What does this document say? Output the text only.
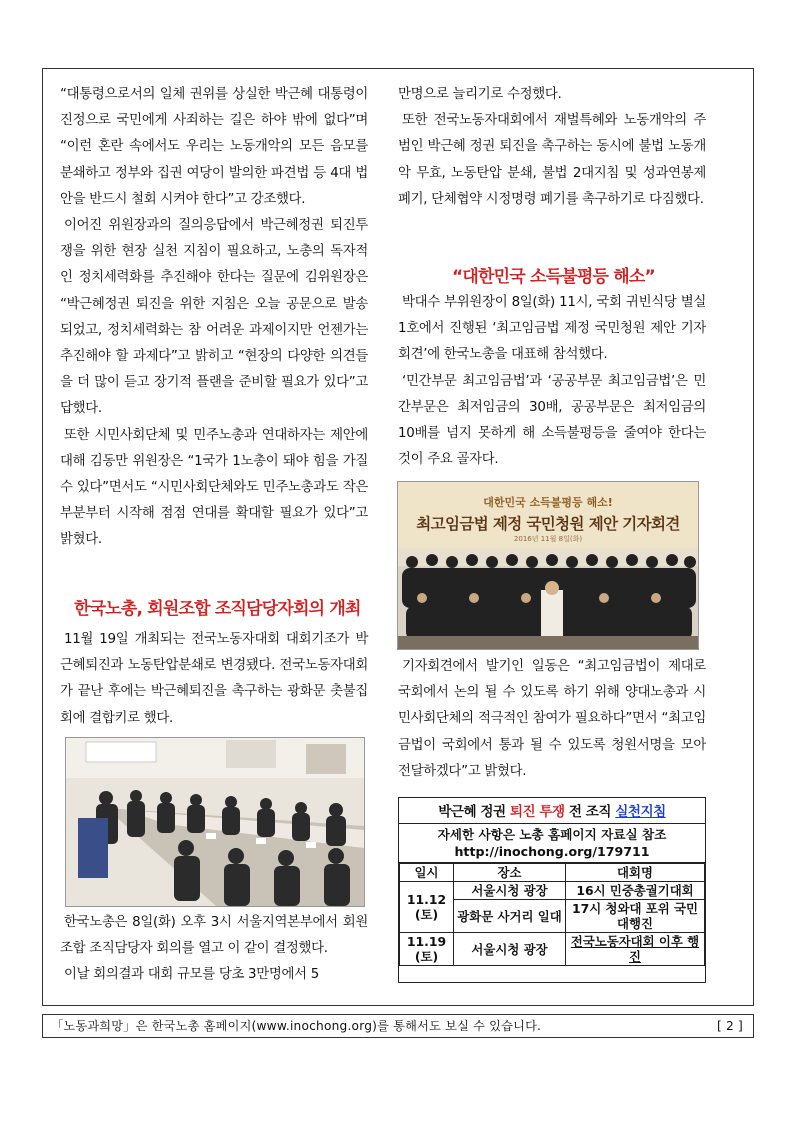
“대통령으로서의 일체 권위를 상실한 박근혜 대통령이 진정으로 국민에게 사죄하는 길은 하야 밖에 없다”며 “이런 혼란 속에서도 우리는 노동개악의 모든 음모를 분쇄하고 정부와 집권 여당이 발의한 파견법 등 4대 법안을 반드시 철회 시켜야 한다”고 강조했다.

이어진 위원장과의 질의응답에서 박근혜정권 퇴진투쟁을 위한 현장 실천 지침이 필요하고, 노총의 독자적인 정치세력화를 추진해야 한다는 질문에 김위원장은 “박근혜정권 퇴진을 위한 지침은 오늘 공문으로 발송되었고, 정치세력화는 참 어려운 과제이지만 언젠가는 추진해야 할 과제다”고 밝히고 “현장의 다양한 의견들을 더 많이 듣고 장기적 플랜을 준비할 필요가 있다”고 답했다.

또한 시민사회단체 및 민주노총과 연대하자는 제안에 대해 김동만 위원장은 “1국가 1노총이 돼야 힘을 가질수 있다”면서도 “시민사회단체와도 민주노총과도 작은 부분부터 시작해 점점 연대를 확대할 필요가 있다”고 밝혔다.

한국노총, 회원조합 조직담당자회의 개최

11월 19일 개최되는 전국노동자대회 대회기조가 박근혜퇴진과 노동탄압분쇄로 변경됐다. 전국노동자대회가 끝난 후에는 박근혜퇴진을 촉구하는 광화문 촛불집회에 결합키로 했다.

한국노총은 8일(화) 오후 3시 서울지역본부에서 회원조합 조직담당자 회의를 열고 이 같이 결정했다.

이날 회의결과 대회 규모를 당초 3만명에서 5

만명으로 늘리기로 수정했다.

또한 전국노동자대회에서 재벌특혜와 노동개악의 주범인 박근혜 정권 퇴진을 촉구하는 동시에 불법 노동개악 무효, 노동탄압 분쇄, 불법 2대지침 및 성과연봉제 폐기, 단체협약 시정명령 폐기를 촉구하기로 다짐했다.

“대한민국 소득불평등 해소”

박대수 부위원장이 8일(화) 11시, 국회 귀빈식당 별실 1호에서 진행된 ‘최고임금법 제정 국민청원 제안 기자회견’에 한국노총을 대표해 참석했다.

‘민간부문 최고임금법’과 ‘공공부문 최고임금법’은 민간부문은 최저임금의 30배, 공공부문은 최저임금의 10배를 넘지 못하게 해 소득불평등을 줄여야 한다는 것이 주요 골자다.

대한민국 소득불평등 해소!
최고임금법 제정 국민청원 제안 기자회견
2016년 11월 8일(화)

기자회견에서 발기인 일동은 “최고임금법이 제대로 국회에서 논의 될 수 있도록 하기 위해 양대노총과 시민사회단체의 적극적인 참여가 필요하다”면서 “최고임금법이 국회에서 통과 될 수 있도록 청원서명을 모아 전달하겠다”고 밝혔다.

박근혜 정권 퇴진 투쟁 전 조직 실천지침
자세한 사항은 노총 홈페이지 자료실 참조
http://inochong.org/179711
일시	장소	대회명

11.12
(토)	서울시청 광장	16시 민중총궐기대회
	광화문 사거리 일대	17시 청와대 포위 국민대행진

11.19
(토)	서울시청 광장	전국노동자대회 이후 행진
「노동과희망」은 한국노총 홈페이지(www.inochong.org)를 통해서도 보실 수 있습니다.	[ 2 ]
